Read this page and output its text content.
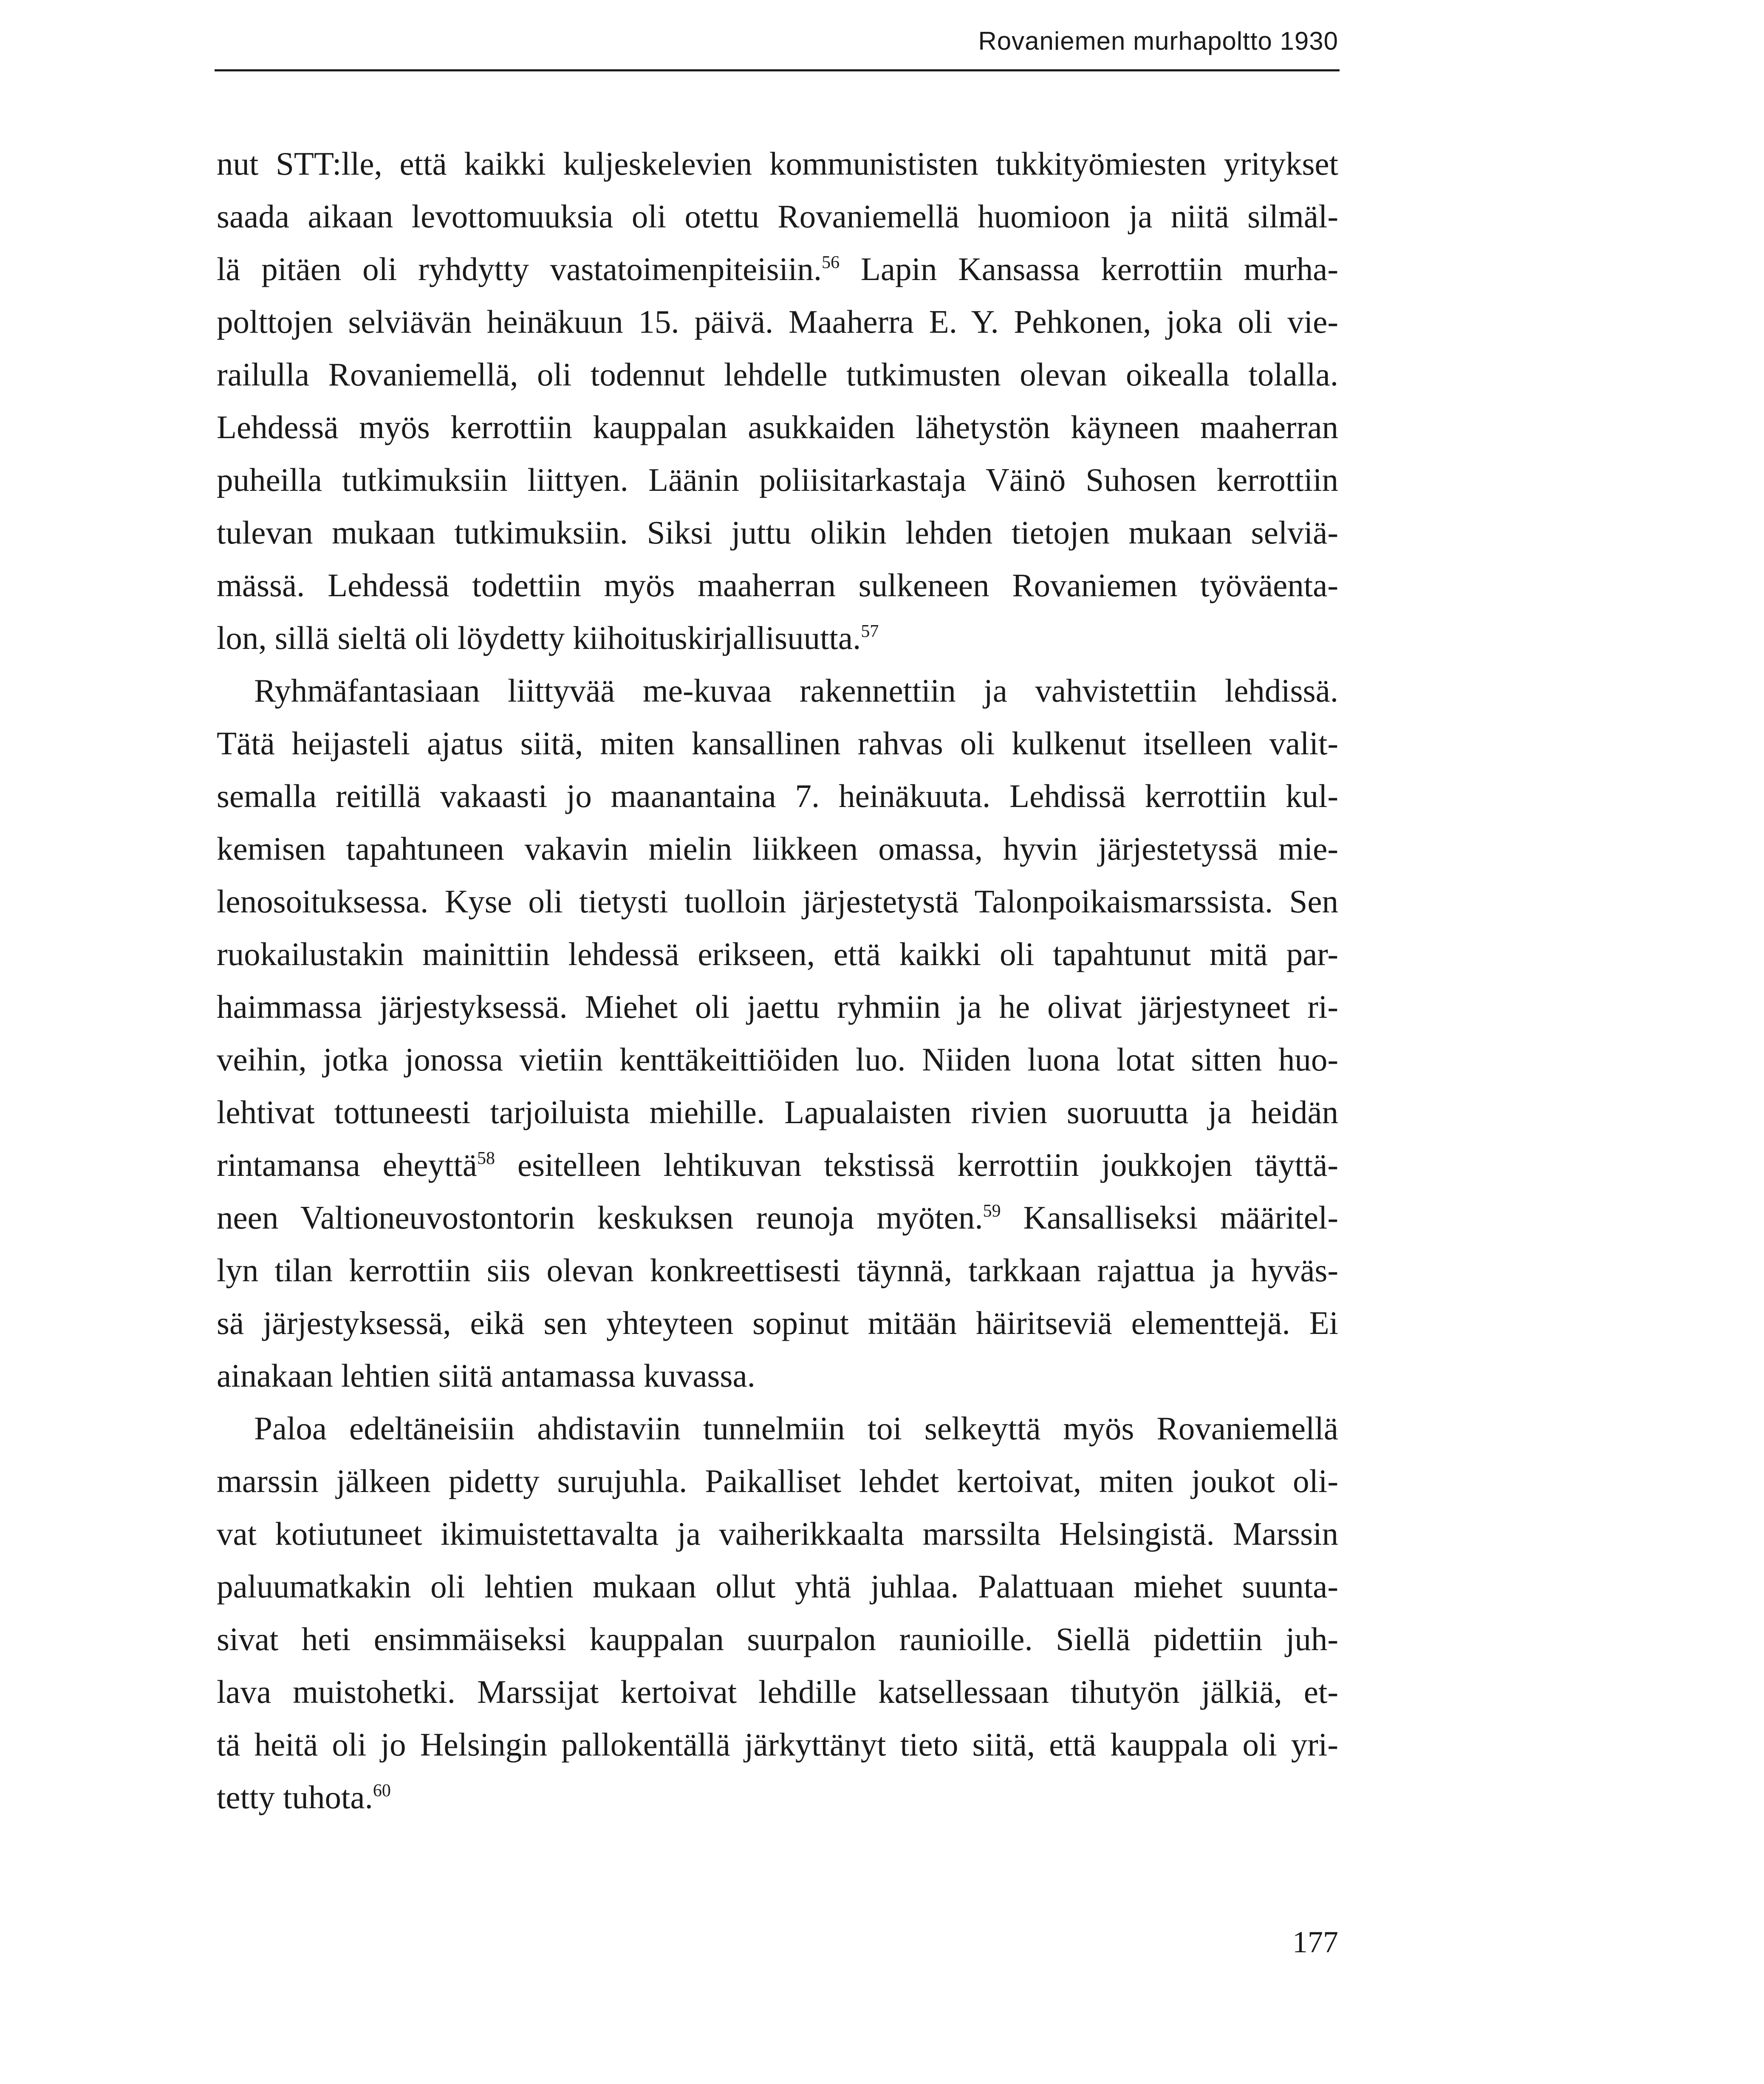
Rovaniemen murhapoltto 1930
nut STT:lle, että kaikki kuljeskelevien kommunististen tukkityömiesten yritykset
saada aikaan levottomuuksia oli otettu Rovaniemellä huomioon ja niitä silmäl-
lä pitäen oli ryhdytty vastatoimenpiteisiin.$^{56}$ Lapin Kansassa kerrottiin murha-
polttojen selviävän heinäkuun 15. päivä. Maaherra E. Y. Pehkonen, joka oli vie-
railulla Rovaniemellä, oli todennut lehdelle tutkimusten olevan oikealla tolalla.
Lehdessä myös kerrottiin kauppalan asukkaiden lähetystön käyneen maaherran
puheilla tutkimuksiin liittyen. Läänin poliisitarkastaja Väinö Suhosen kerrottiin
tulevan mukaan tutkimuksiin. Siksi juttu olikin lehden tietojen mukaan selviä-
mässä. Lehdessä todettiin myös maaherran sulkeneen Rovaniemen työväenta-
lon, sillä sieltä oli löydetty kiihoituskirjallisuutta.$^{57}$
Ryhmäfantasiaan liittyvää me-kuvaa rakennettiin ja vahvistettiin lehdissä.
Tätä heijasteli ajatus siitä, miten kansallinen rahvas oli kulkenut itselleen valit-
semalla reitillä vakaasti jo maanantaina 7. heinäkuuta. Lehdissä kerrottiin kul-
kemisen tapahtuneen vakavin mielin liikkeen omassa, hyvin järjestetyssä mie-
lenosoituksessa. Kyse oli tietysti tuolloin järjestetystä Talonpoikaismarssista. Sen
ruokailustakin mainittiin lehdessä erikseen, että kaikki oli tapahtunut mitä par-
haimmassa järjestyksessä. Miehet oli jaettu ryhmiin ja he olivat järjestyneet ri-
veihin, jotka jonossa vietiin kenttäkeittiöiden luo. Niiden luona lotat sitten huo-
lehtivat tottuneesti tarjoiluista miehille. Lapualaisten rivien suoruutta ja heidän
rintamansa eheyttä$^{58}$ esitelleen lehtikuvan tekstissä kerrottiin joukkojen täyttä-
neen Valtioneuvostontorin keskuksen reunoja myöten.$^{59}$ Kansalliseksi määritel-
lyn tilan kerrottiin siis olevan konkreettisesti täynnä, tarkkaan rajattua ja hyväs-
sä järjestyksessä, eikä sen yhteyteen sopinut mitään häiritseviä elementtejä. Ei
ainakaan lehtien siitä antamassa kuvassa.
Paloa edeltäneisiin ahdistaviin tunnelmiin toi selkeyttä myös Rovaniemellä
marssin jälkeen pidetty surujuhla. Paikalliset lehdet kertoivat, miten joukot oli-
vat kotiutuneet ikimuistettavalta ja vaiherikkaalta marssilta Helsingistä. Marssin
paluumatkakin oli lehtien mukaan ollut yhtä juhlaa. Palattuaan miehet suunta-
sivat heti ensimmäiseksi kauppalan suurpalon raunioille. Siellä pidettiin juh-
lava muistohetki. Marssijat kertoivat lehdille katsellessaan tihutyön jälkiä, et-
tä heitä oli jo Helsingin pallokentällä järkyttänyt tieto siitä, että kauppala oli yri-
tetty tuhota.$^{60}$
177
